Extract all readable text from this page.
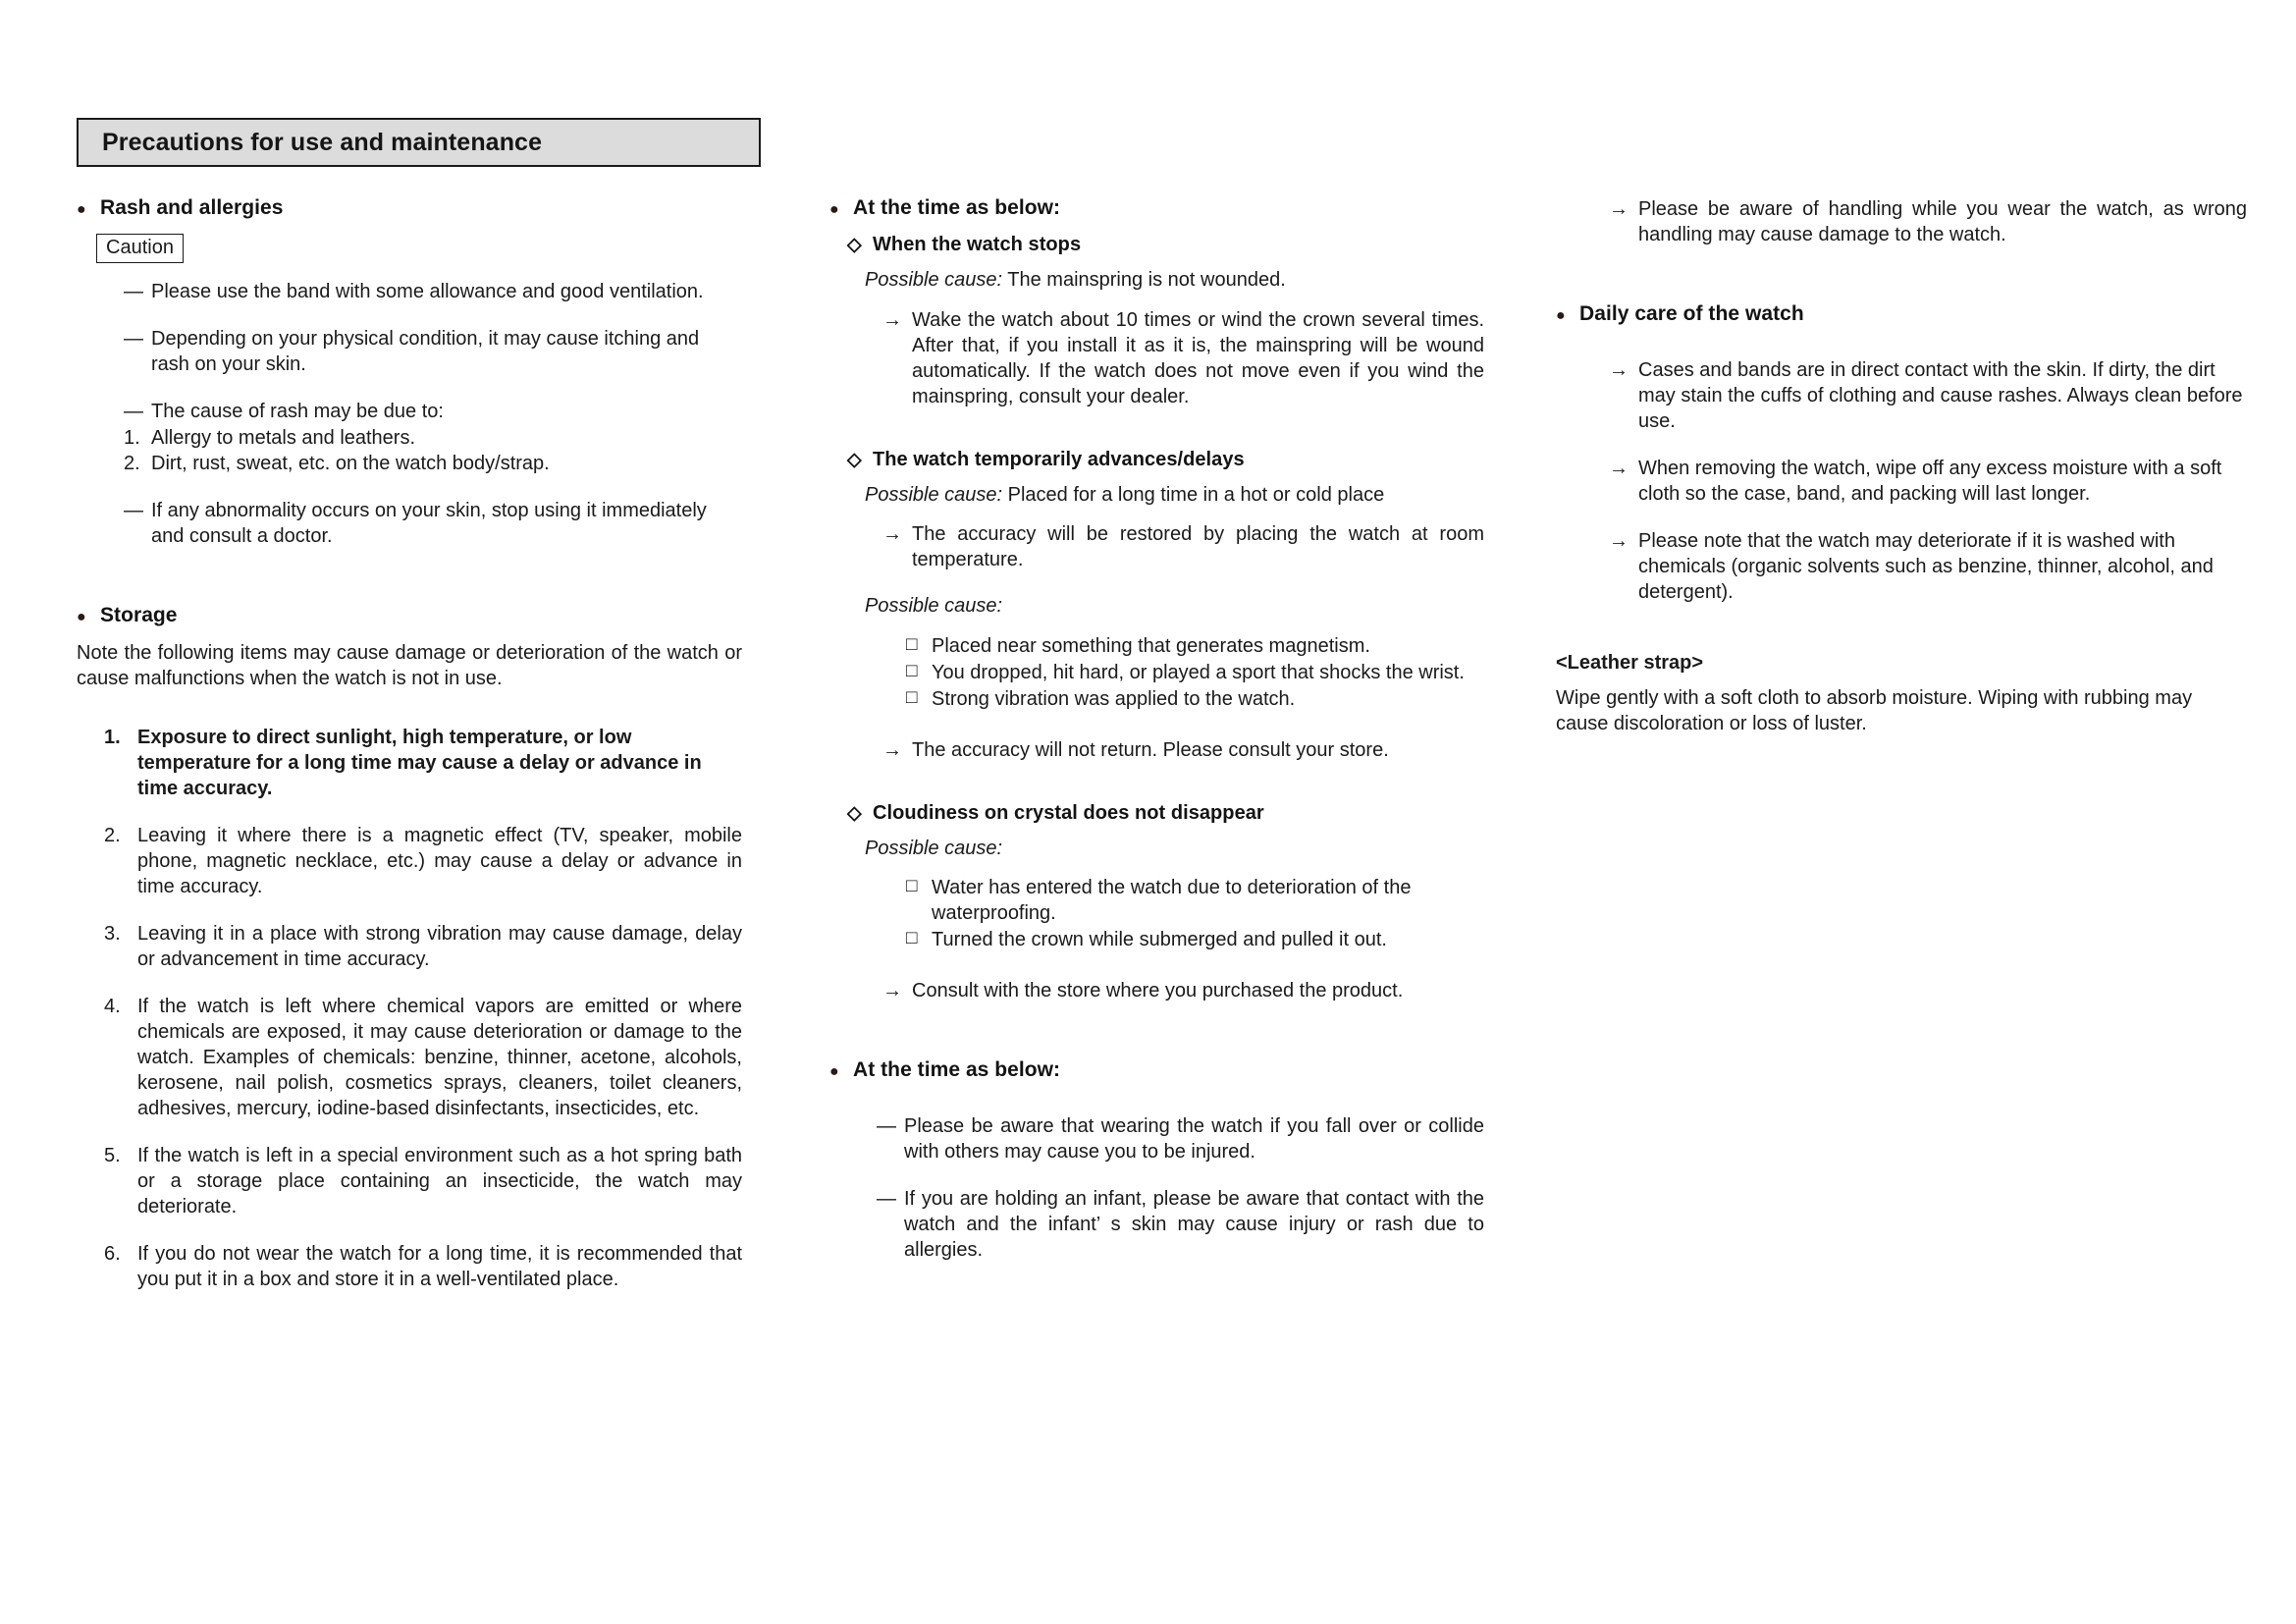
Precautions for use and maintenance
● Rash and allergies
Caution
— Please use the band with some allowance and good ventilation.
— Depending on your physical condition, it may cause itching and rash on your skin.
— The cause of rash may be due to:
1. Allergy to metals and leathers.
2. Dirt, rust, sweat, etc. on the watch body/strap.
— If any abnormality occurs on your skin, stop using it immediately and consult a doctor.
● Storage
Note the following items may cause damage or deterioration of the watch or cause malfunctions when the watch is not in use.
1. Exposure to direct sunlight, high temperature, or low temperature for a long time may cause a delay or advance in time accuracy.
2. Leaving it where there is a magnetic effect (TV, speaker, mobile phone, magnetic necklace, etc.) may cause a delay or advance in time accuracy.
3. Leaving it in a place with strong vibration may cause damage, delay or advancement in time accuracy.
4. If the watch is left where chemical vapors are emitted or where chemicals are exposed, it may cause deterioration or damage to the watch. Examples of chemicals: benzine, thinner, acetone, alcohols, kerosene, nail polish, cosmetics sprays, cleaners, toilet cleaners, adhesives, mercury, iodine-based disinfectants, insecticides, etc.
5. If the watch is left in a special environment such as a hot spring bath or a storage place containing an insecticide, the watch may deteriorate.
6. If you do not wear the watch for a long time, it is recommended that you put it in a box and store it in a well-ventilated place.
● At the time as below:
◇ When the watch stops
Possible cause: The mainspring is not wounded.
→ Wake the watch about 10 times or wind the crown several times. After that, if you install it as it is, the mainspring will be wound automatically. If the watch does not move even if you wind the mainspring, consult your dealer.
◇ The watch temporarily advances/delays
Possible cause: Placed for a long time in a hot or cold place
→ The accuracy will be restored by placing the watch at room temperature.
Possible cause:
□ Placed near something that generates magnetism.
□ You dropped, hit hard, or played a sport that shocks the wrist.
□ Strong vibration was applied to the watch.
→ The accuracy will not return. Please consult your store.
◇ Cloudiness on crystal does not disappear
Possible cause:
□ Water has entered the watch due to deterioration of the waterproofing.
□ Turned the crown while submerged and pulled it out.
→ Consult with the store where you purchased the product.
● At the time as below:
— Please be aware that wearing the watch if you fall over or collide with others may cause you to be injured.
— If you are holding an infant, please be aware that contact with the watch and the infant’ s skin may cause injury or rash due to allergies.
→ Please be aware of handling while you wear the watch, as wrong handling may cause damage to the watch.
● Daily care of the watch
→ Cases and bands are in direct contact with the skin. If dirty, the dirt may stain the cuffs of clothing and cause rashes. Always clean before use.
→ When removing the watch, wipe off any excess moisture with a soft cloth so the case, band, and packing will last longer.
→ Please note that the watch may deteriorate if it is washed with chemicals (organic solvents such as benzine, thinner, alcohol, and detergent).
<Leather strap>
Wipe gently with a soft cloth to absorb moisture. Wiping with rubbing may cause discoloration or loss of luster.
